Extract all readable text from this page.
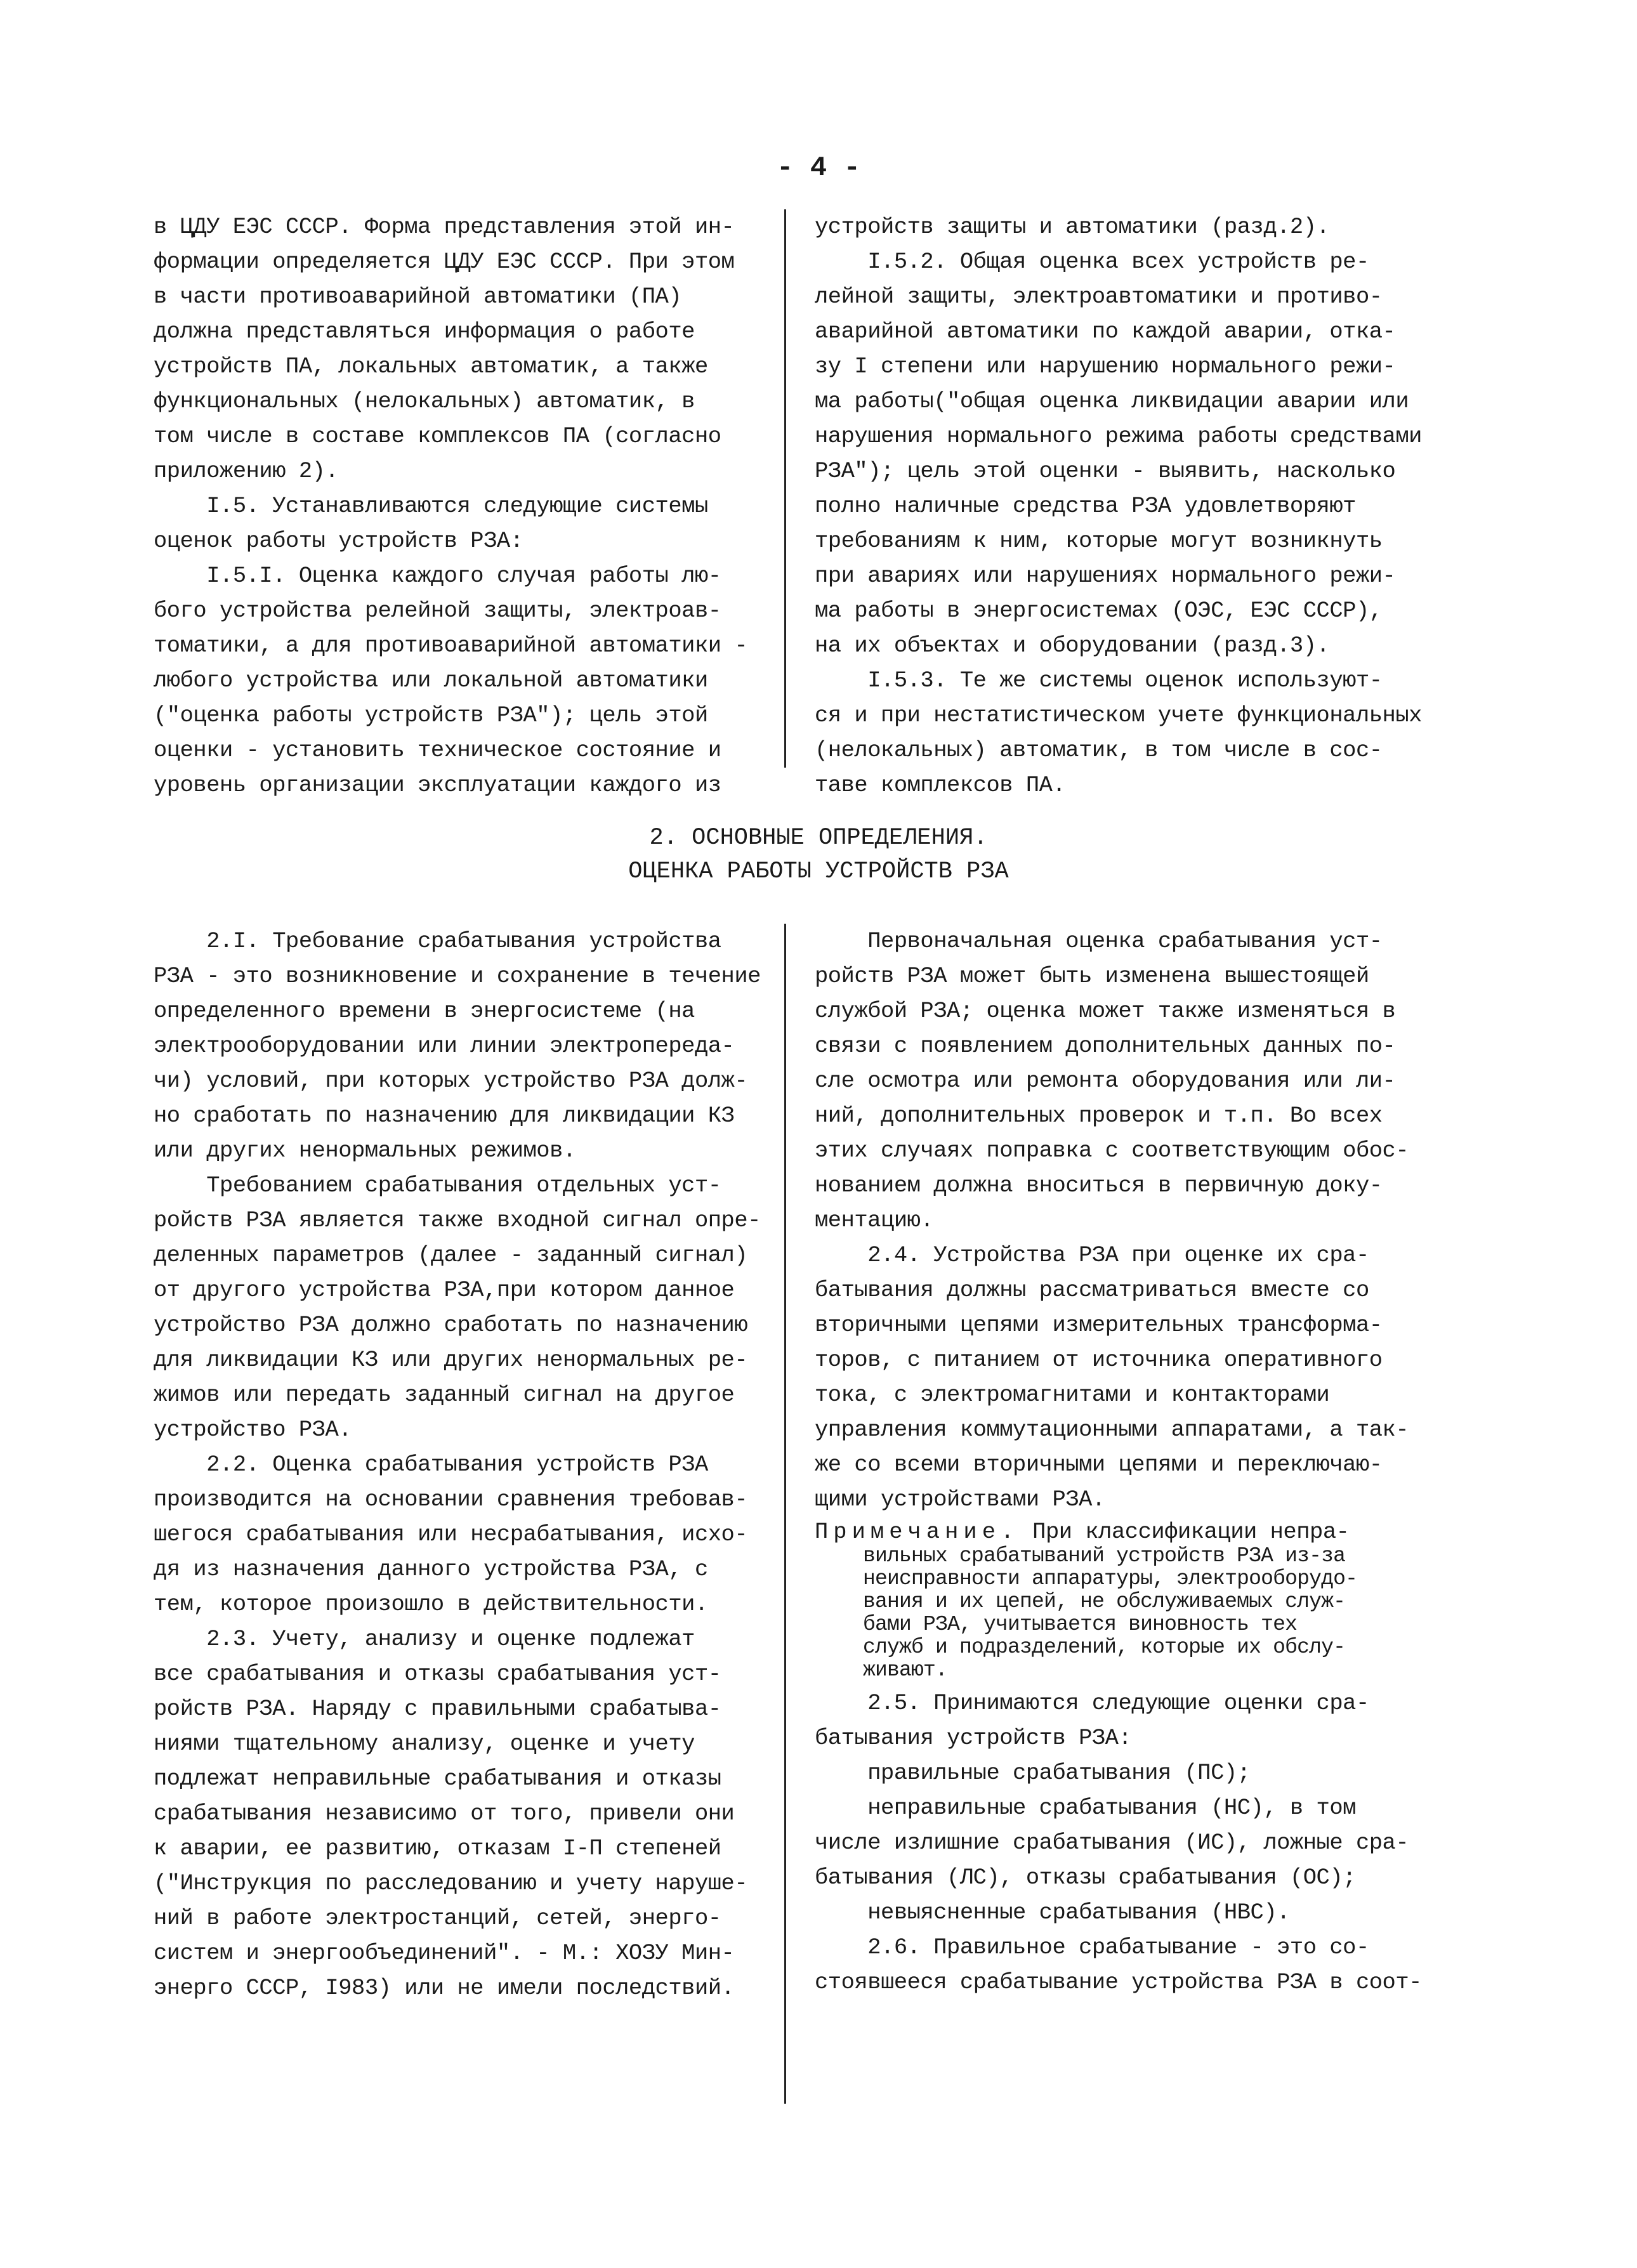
- 4 -
в ЦДУ ЕЭС СССР. Форма представления этой ин-
формации определяется ЦДУ ЕЭС СССР. При этом
в части противоаварийной автоматики (ПА)
должна представляться информация о работе
устройств ПА, локальных автоматик, а также
функциональных (нелокальных) автоматик, в
том числе в составе комплексов ПА (согласно
приложению 2).
I.5. Устанавливаются следующие системы
оценок работы устройств РЗА:
I.5.I. Оценка каждого случая работы лю-
бого устройства релейной защиты, электроав-
томатики, а для противоаварийной автоматики -
любого устройства или локальной автоматики
("оценка работы устройств РЗА"); цель этой
оценки - установить техническое состояние и
уровень организации эксплуатации каждого из
устройств защиты и автоматики (разд.2).
I.5.2. Общая оценка всех устройств ре-
лейной защиты, электроавтоматики и противо-
аварийной автоматики по каждой аварии, отка-
зу I степени или нарушению нормального режи-
ма работы("общая оценка ликвидации аварии или
нарушения нормального режима работы средствами
РЗА"); цель этой оценки - выявить, насколько
полно наличные средства РЗА удовлетворяют
требованиям к ним, которые могут возникнуть
при авариях или нарушениях нормального режи-
ма работы в энергосистемах (ОЭС, ЕЭС СССР),
на их объектах и оборудовании (разд.3).
I.5.3. Те же системы оценок используют-
ся и при нестатистическом учете функциональных
(нелокальных) автоматик, в том числе в сос-
таве комплексов ПА.
2. ОСНОВНЫЕ ОПРЕДЕЛЕНИЯ.
ОЦЕНКА РАБОТЫ УСТРОЙСТВ РЗА
2.I. Требование срабатывания устройства
РЗА - это возникновение и сохранение в течение
определенного времени в энергосистеме (на
электрооборудовании или линии электропереда-
чи) условий, при которых устройство РЗА долж-
но сработать по назначению для ликвидации КЗ
или других ненормальных режимов.
Требованием срабатывания отдельных уст-
ройств РЗА является также входной сигнал опре-
деленных параметров (далее - заданный сигнал)
от другого устройства РЗА,при котором данное
устройство РЗА должно сработать по назначению
для ликвидации КЗ или других ненормальных ре-
жимов или передать заданный сигнал на другое
устройство РЗА.
2.2. Оценка срабатывания устройств РЗА
производится на основании сравнения требовав-
шегося срабатывания или несрабатывания, исхо-
дя из назначения данного устройства РЗА, с
тем, которое произошло в действительности.
2.3. Учету, анализу и оценке подлежат
все срабатывания и отказы срабатывания уст-
ройств РЗА. Наряду с правильными срабатыва-
ниями тщательному анализу, оценке и учету
подлежат неправильные срабатывания и отказы
срабатывания независимо от того, привели они
к аварии, ее развитию, отказам I-П степеней
("Инструкция по расследованию и учету наруше-
ний в работе электростанций, сетей, энерго-
систем и энергообъединений". - М.: ХОЗУ Мин-
энерго СССР, I983) или не имели последствий.
Первоначальная оценка срабатывания уст-
ройств РЗА может быть изменена вышестоящей
службой РЗА; оценка может также изменяться в
связи с появлением дополнительных данных по-
сле осмотра или ремонта оборудования или ли-
ний, дополнительных проверок и т.п. Во всех
этих случаях поправка с соответствующим обос-
нованием должна вноситься в первичную доку-
ментацию.
2.4. Устройства РЗА при оценке их сра-
батывания должны рассматриваться вместе со
вторичными цепями измерительных трансформа-
торов, с питанием от источника оперативного
тока, с электромагнитами и контакторами
управления коммутационными аппаратами, а так-
же со всеми вторичными цепями и переключаю-
щими устройствами РЗА.
Примечание. При классификации непра-
вильных срабатываний устройств РЗА из-за
неисправности аппаратуры, электрооборудо-
вания и их цепей, не обслуживаемых служ-
бами РЗА, учитывается виновность тех
служб и подразделений, которые их обслу-
живают.
2.5. Принимаются следующие оценки сра-
батывания устройств РЗА:
правильные срабатывания (ПС);
неправильные срабатывания (НС), в том
числе излишние срабатывания (ИС), ложные сра-
батывания (ЛС), отказы срабатывания (ОС);
невыясненные срабатывания (НВС).
2.6. Правильное срабатывание - это со-
стоявшееся срабатывание устройства РЗА в соот-
